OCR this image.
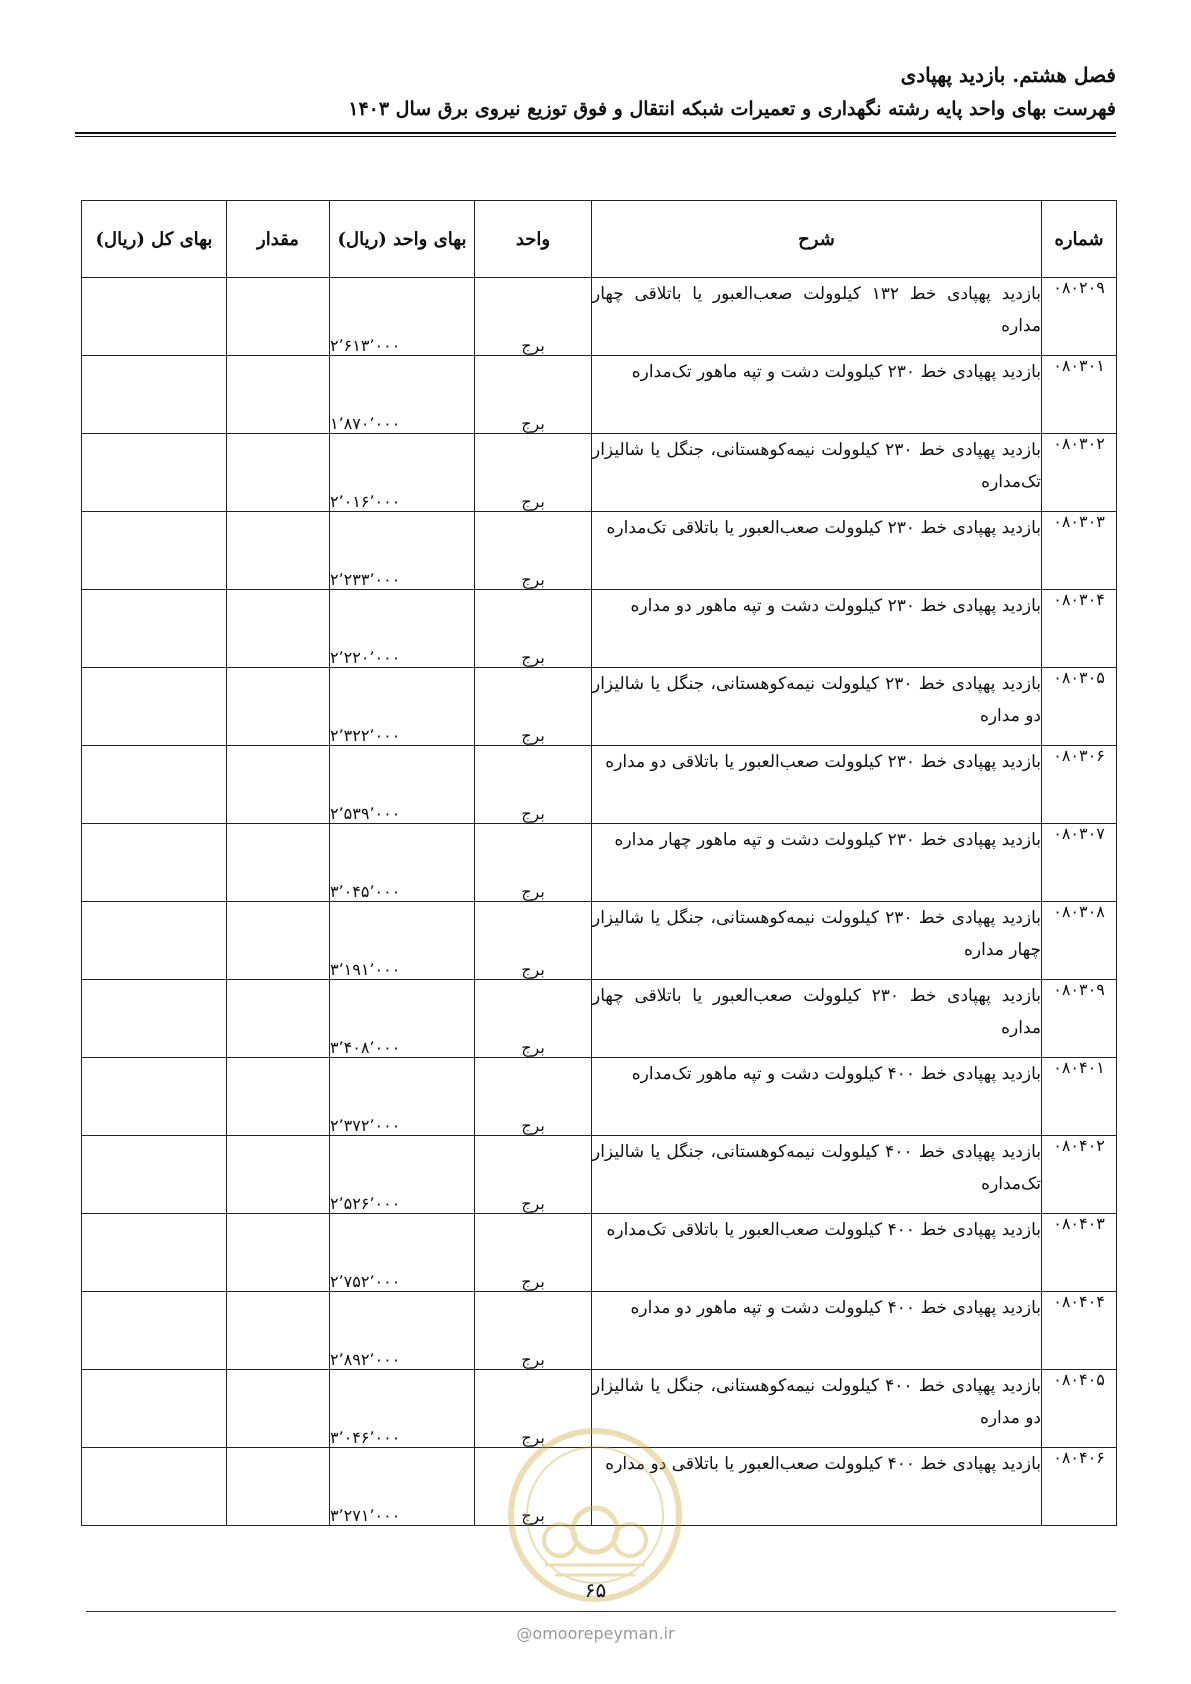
فصل هشتم. بازدید پهپادی
فهرست بهای واحد پایه رشته نگهداری و تعمیرات شبکه انتقال و فوق توزیع نیروی برق سال ۱۴۰۳
شماره	شرح	واحد	بهای واحد (ریال)	مقدار	بهای کل (ریال)
۰۸۰۲۰۹	بازدید پهپادی خط ۱۳۲ کیلوولت صعب‌العبور یا باتلاقی چهار مداره	برج	۲٬۶۱۳٬۰۰۰		
۰۸۰۳۰۱	بازدید پهپادی خط ۲۳۰ کیلوولت دشت و تپه ماهور تک‌مداره	برج	۱٬۸۷۰٬۰۰۰		
۰۸۰۳۰۲	بازدید پهپادی خط ۲۳۰ کیلوولت نیمه‌کوهستانی، جنگل یا شالیزار تک‌مداره	برج	۲٬۰۱۶٬۰۰۰		
۰۸۰۳۰۳	بازدید پهپادی خط ۲۳۰ کیلوولت صعب‌العبور یا باتلاقی تک‌مداره	برج	۲٬۲۳۳٬۰۰۰		
۰۸۰۳۰۴	بازدید پهپادی خط ۲۳۰ کیلوولت دشت و تپه ماهور دو مداره	برج	۲٬۲۲۰٬۰۰۰		
۰۸۰۳۰۵	بازدید پهپادی خط ۲۳۰ کیلوولت نیمه‌کوهستانی، جنگل یا شالیزار دو مداره	برج	۲٬۳۲۲٬۰۰۰		
۰۸۰۳۰۶	بازدید پهپادی خط ۲۳۰ کیلوولت صعب‌العبور یا باتلاقی دو مداره	برج	۲٬۵۳۹٬۰۰۰		
۰۸۰۳۰۷	بازدید پهپادی خط ۲۳۰ کیلوولت دشت و تپه ماهور چهار مداره	برج	۳٬۰۴۵٬۰۰۰		
۰۸۰۳۰۸	بازدید پهپادی خط ۲۳۰ کیلوولت نیمه‌کوهستانی، جنگل یا شالیزار چهار مداره	برج	۳٬۱۹۱٬۰۰۰		
۰۸۰۳۰۹	بازدید پهپادی خط ۲۳۰ کیلوولت صعب‌العبور یا باتلاقی چهار مداره	برج	۳٬۴۰۸٬۰۰۰		
۰۸۰۴۰۱	بازدید پهپادی خط ۴۰۰ کیلوولت دشت و تپه ماهور تک‌مداره	برج	۲٬۳۷۲٬۰۰۰		
۰۸۰۴۰۲	بازدید پهپادی خط ۴۰۰ کیلوولت نیمه‌کوهستانی، جنگل یا شالیزار تک‌مداره	برج	۲٬۵۲۶٬۰۰۰		
۰۸۰۴۰۳	بازدید پهپادی خط ۴۰۰ کیلوولت صعب‌العبور یا باتلاقی تک‌مداره	برج	۲٬۷۵۲٬۰۰۰		
۰۸۰۴۰۴	بازدید پهپادی خط ۴۰۰ کیلوولت دشت و تپه ماهور دو مداره	برج	۲٬۸۹۲٬۰۰۰		
۰۸۰۴۰۵	بازدید پهپادی خط ۴۰۰ کیلوولت نیمه‌کوهستانی، جنگل یا شالیزار دو مداره	برج	۳٬۰۴۶٬۰۰۰		
۰۸۰۴۰۶	بازدید پهپادی خط ۴۰۰ کیلوولت صعب‌العبور یا باتلاقی دو مداره	برج	۳٬۲۷۱٬۰۰۰		
۶۵
@omoorepeyman.ir
